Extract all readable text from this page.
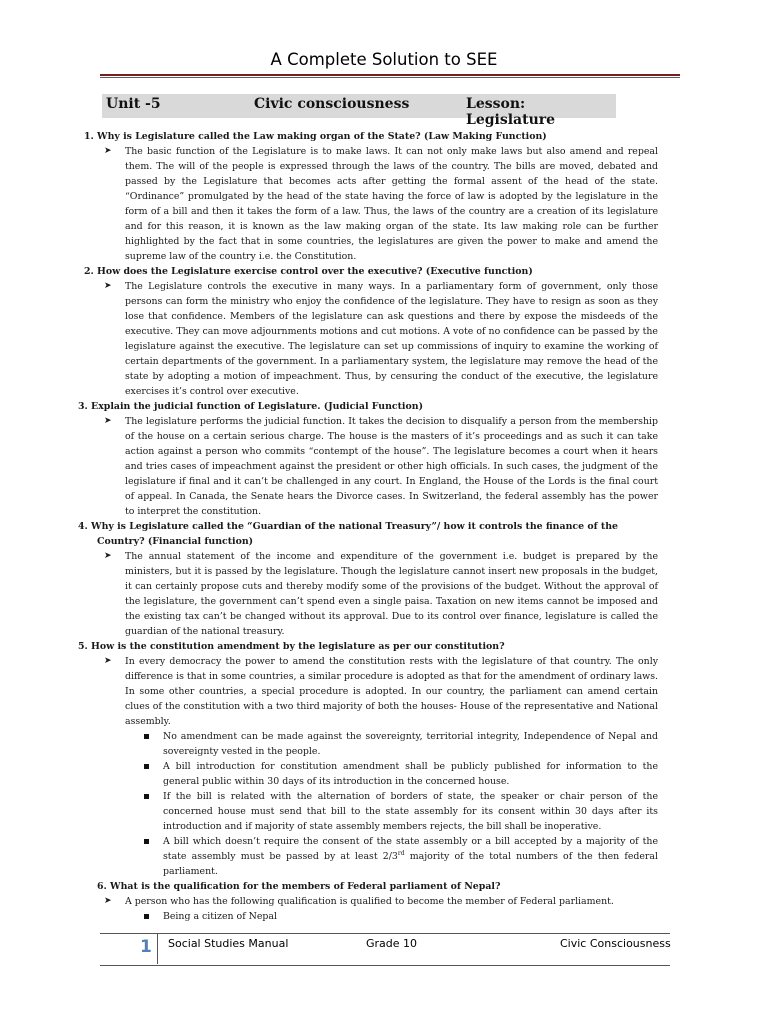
A Complete Solution to SEE
Unit -5	Civic consciousness	Lesson: Legislature
1. Why is Legislature called the Law making organ of the State? (Law Making Function)
➤ The basic function of the Legislature is to make laws. It can not only make laws but also amend and repeal them. The will of the people is expressed through the laws of the country. The bills are moved, debated and passed by the Legislature that becomes acts after getting the formal assent of the head of the state. “Ordinance” promulgated by the head of the state having the force of law is adopted by the legislature in the form of a bill and then it takes the form of a law. Thus, the laws of the country are a creation of its legislature and for this reason, it is known as the law making organ of the state. Its law making role can be further highlighted by the fact that in some countries, the legislatures are given the power to make and amend the supreme law of the country i.e. the Constitution.
2. How does the Legislature exercise control over the executive? (Executive function)
➤ The Legislature controls the executive in many ways. In a parliamentary form of government, only those persons can form the ministry who enjoy the confidence of the legislature. They have to resign as soon as they lose that confidence. Members of the legislature can ask questions and there by expose the misdeeds of the executive. They can move adjournments motions and cut motions. A vote of no confidence can be passed by the legislature against the executive. The legislature can set up commissions of inquiry to examine the working of certain departments of the government. In a parliamentary system, the legislature may remove the head of the state by adopting a motion of impeachment. Thus, by censuring the conduct of the executive, the legislature exercises it’s control over executive.
3. Explain the judicial function of Legislature. (Judicial Function)
➤ The legislature performs the judicial function. It takes the decision to disqualify a person from the membership of the house on a certain serious charge. The house is the masters of it’s proceedings and as such it can take action against a person who commits “contempt of the house”. The legislature becomes a court when it hears and tries cases of impeachment against the president or other high officials. In such cases, the judgment of the legislature if final and it can’t be challenged in any court. In England, the House of the Lords is the final court of appeal. In Canada, the Senate hears the Divorce cases. In Switzerland, the federal assembly has the power to interpret the constitution.
4. Why is Legislature called the “Guardian of the national Treasury”/ how it controls the finance of the Country? (Financial function)
➤ The annual statement of the income and expenditure of the government i.e. budget is prepared by the ministers, but it is passed by the legislature. Though the legislature cannot insert new proposals in the budget, it can certainly propose cuts and thereby modify some of the provisions of the budget. Without the approval of the legislature, the government can’t spend even a single paisa. Taxation on new items cannot be imposed and the existing tax can’t be changed without its approval. Due to its control over finance, legislature is called the guardian of the national treasury.
5. How is the constitution amendment by the legislature as per our constitution?
➤ In every democracy the power to amend the constitution rests with the legislature of that country. The only difference is that in some countries, a similar procedure is adopted as that for the amendment of ordinary laws. In some other countries, a special procedure is adopted. In our country, the parliament can amend certain clues of the constitution with a two third majority of both the houses- House of the representative and National assembly.
No amendment can be made against the sovereignty, territorial integrity, Independence of Nepal and sovereignty vested in the people.
A bill introduction for constitution amendment shall be publicly published for information to the general public within 30 days of its introduction in the concerned house.
If the bill is related with the alternation of borders of state, the speaker or chair person of the concerned house must send that bill to the state assembly for its consent within 30 days after its introduction and if majority of state assembly members rejects, the bill shall be inoperative.
A bill which doesn’t require the consent of the state assembly or a bill accepted by a majority of the state assembly must be passed by at least 2/3rd majority of the total numbers of the then federal parliament.
6. What is the qualification for the members of Federal parliament of Nepal?
➤ A person who has the following qualification is qualified to become the member of Federal parliament.
Being a citizen of Nepal
1 Social Studies Manual	Grade 10	Civic Consciousness
